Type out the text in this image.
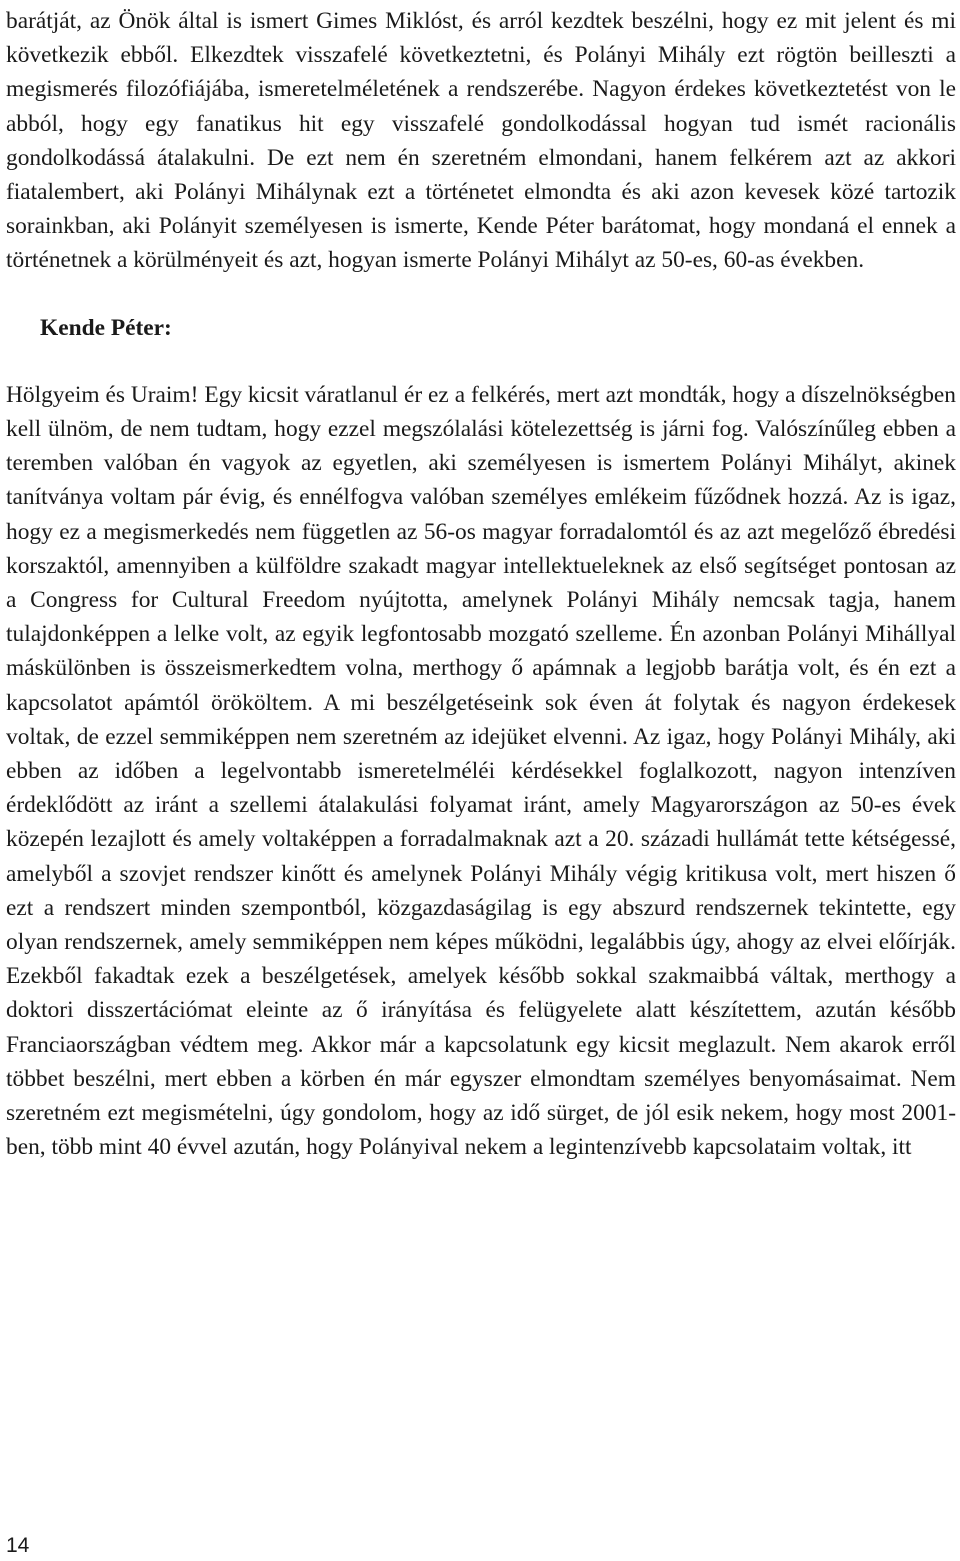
barátját, az Önök által is ismert Gimes Miklóst, és arról kezdtek beszélni, hogy ez mit jelent és mi következik ebből. Elkezdtek visszafelé következtetni, és Polányi Mihály ezt rögtön beilleszti a megismerés filozófiájába, ismeretelméletének a rendszerébe. Nagyon érdekes következtetést von le abból, hogy egy fanatikus hit egy visszafelé gondolkodással hogyan tud ismét racionális gondolkodássá átalakulni. De ezt nem én szeretném elmondani, hanem felkérem azt az akkori fiatalembert, aki Polányi Mihálynak ezt a történetet elmondta és aki azon kevesek közé tartozik sorainkban, aki Polányit személyesen is ismerte, Kende Péter barátomat, hogy mondaná el ennek a történetnek a körülményeit és azt, hogyan ismerte Polányi Mihályt az 50-es, 60-as években.

Kende Péter:

Hölgyeim és Uraim! Egy kicsit váratlanul ér ez a felkérés, mert azt mondták, hogy a díszelnökségben kell ülnöm, de nem tudtam, hogy ezzel megszólalási kötelezettség is járni fog. Valószínűleg ebben a teremben valóban én vagyok az egyetlen, aki személyesen is ismertem Polányi Mihályt, akinek tanítványa voltam pár évig, és ennélfogva valóban személyes emlékeim fűződnek hozzá. Az is igaz, hogy ez a megismerkedés nem független az 56-os magyar forradalomtól és az azt megelőző ébredési korszaktól, amennyiben a külföldre szakadt magyar intellektueleknek az első segítséget pontosan az a Congress for Cultural Freedom nyújtotta, amelynek Polányi Mihály nemcsak tagja, hanem tulajdonképpen a lelke volt, az egyik legfontosabb mozgató szelleme. Én azonban Polányi Mihállyal máskülönben is összeismerkedtem volna, merthogy ő apámnak a legjobb barátja volt, és én ezt a kapcsolatot apámtól örököltem. A mi beszélgetéseink sok éven át folytak és nagyon érdekesek voltak, de ezzel semmiképpen nem szeretném az idejüket elvenni. Az igaz, hogy Polányi Mihály, aki ebben az időben a legelvontabb ismeretelméléi kérdésekkel foglalkozott, nagyon intenzíven érdeklődött az iránt a szellemi átalakulási folyamat iránt, amely Magyarországon az 50-es évek közepén lezajlott és amely voltaképpen a forradalmaknak azt a 20. századi hullámát tette kétségessé, amelyből a szovjet rendszer kinőtt és amelynek Polányi Mihály végig kritikusa volt, mert hiszen ő ezt a rendszert minden szempontból, közgazdaságilag is egy abszurd rendszernek tekintette, egy olyan rendszernek, amely semmiképpen nem képes működni, legalábbis úgy, ahogy az elvei előírják. Ezekből fakadtak ezek a beszélgetések, amelyek később sokkal szakmaibbá váltak, merthogy a doktori disszertációmat eleinte az ő irányítása és felügyelete alatt készítettem, azután később Franciaországban védtem meg. Akkor már a kapcsolatunk egy kicsit meglazult. Nem akarok erről többet beszélni, mert ebben a körben én már egyszer elmondtam személyes benyomásaimat. Nem szeretném ezt megismételni, úgy gondolom, hogy az idő sürget, de jól esik nekem, hogy most 2001-ben, több mint 40 évvel azután, hogy Polányival nekem a legintenzívebb kapcsolataim voltak, itt

14
